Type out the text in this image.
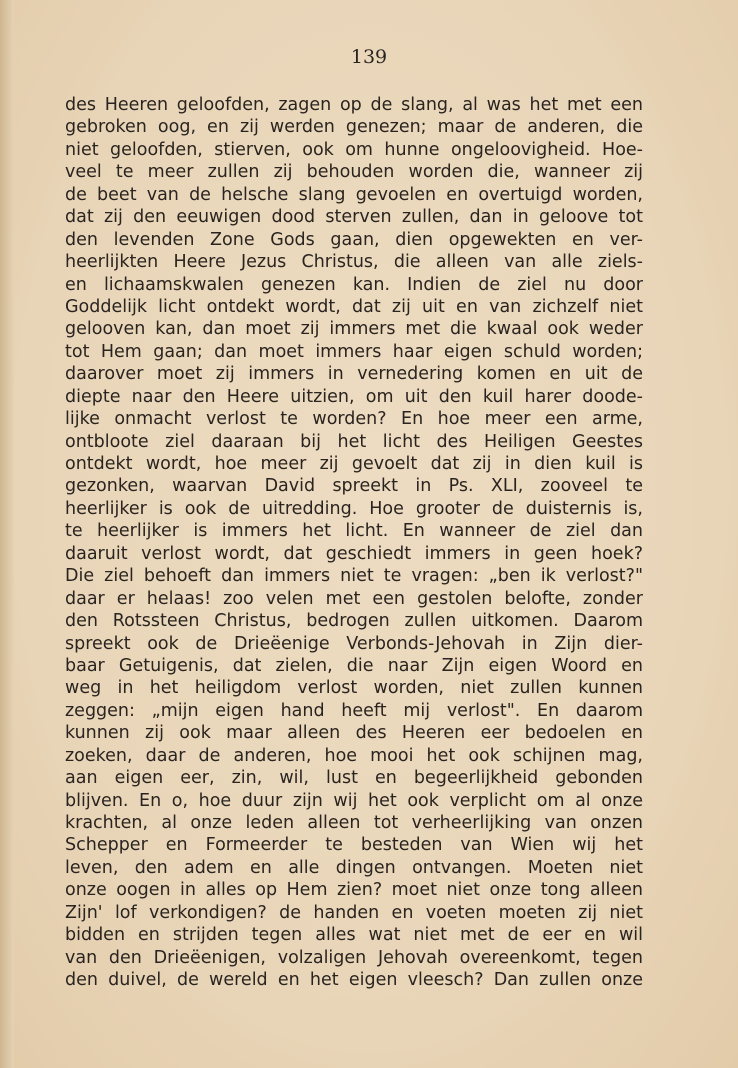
139
des Heeren geloofden, zagen op de slang, al was het met een
gebroken oog, en zij werden genezen; maar de anderen, die
niet geloofden, stierven, ook om hunne ongeloovigheid. Hoe-
veel te meer zullen zij behouden worden die, wanneer zij
de beet van de helsche slang gevoelen en overtuigd worden,
dat zij den eeuwigen dood sterven zullen, dan in geloove tot
den levenden Zone Gods gaan, dien opgewekten en ver-
heerlijkten Heere Jezus Christus, die alleen van alle ziels-
en lichaamskwalen genezen kan. Indien de ziel nu door
Goddelijk licht ontdekt wordt, dat zij uit en van zichzelf niet
gelooven kan, dan moet zij immers met die kwaal ook weder
tot Hem gaan; dan moet immers haar eigen schuld worden;
daarover moet zij immers in vernedering komen en uit de
diepte naar den Heere uitzien, om uit den kuil harer doode-
lijke onmacht verlost te worden? En hoe meer een arme,
ontbloote ziel daaraan bij het licht des Heiligen Geestes
ontdekt wordt, hoe meer zij gevoelt dat zij in dien kuil is
gezonken, waarvan David spreekt in Ps. XLI, zooveel te
heerlijker is ook de uitredding. Hoe grooter de duisternis is,
te heerlijker is immers het licht. En wanneer de ziel dan
daaruit verlost wordt, dat geschiedt immers in geen hoek?
Die ziel behoeft dan immers niet te vragen: „ben ik verlost?"
daar er helaas! zoo velen met een gestolen belofte, zonder
den Rotssteen Christus, bedrogen zullen uitkomen. Daarom
spreekt ook de Drieëenige Verbonds-Jehovah in Zijn dier-
baar Getuigenis, dat zielen, die naar Zijn eigen Woord en
weg in het heiligdom verlost worden, niet zullen kunnen
zeggen: „mijn eigen hand heeft mij verlost". En daarom
kunnen zij ook maar alleen des Heeren eer bedoelen en
zoeken, daar de anderen, hoe mooi het ook schijnen mag,
aan eigen eer, zin, wil, lust en begeerlijkheid gebonden
blijven. En o, hoe duur zijn wij het ook verplicht om al onze
krachten, al onze leden alleen tot verheerlijking van onzen
Schepper en Formeerder te besteden van Wien wij het
leven, den adem en alle dingen ontvangen. Moeten niet
onze oogen in alles op Hem zien? moet niet onze tong alleen
Zijn' lof verkondigen? de handen en voeten moeten zij niet
bidden en strijden tegen alles wat niet met de eer en wil
van den Drieëenigen, volzaligen Jehovah overeenkomt, tegen
den duivel, de wereld en het eigen vleesch? Dan zullen onze
